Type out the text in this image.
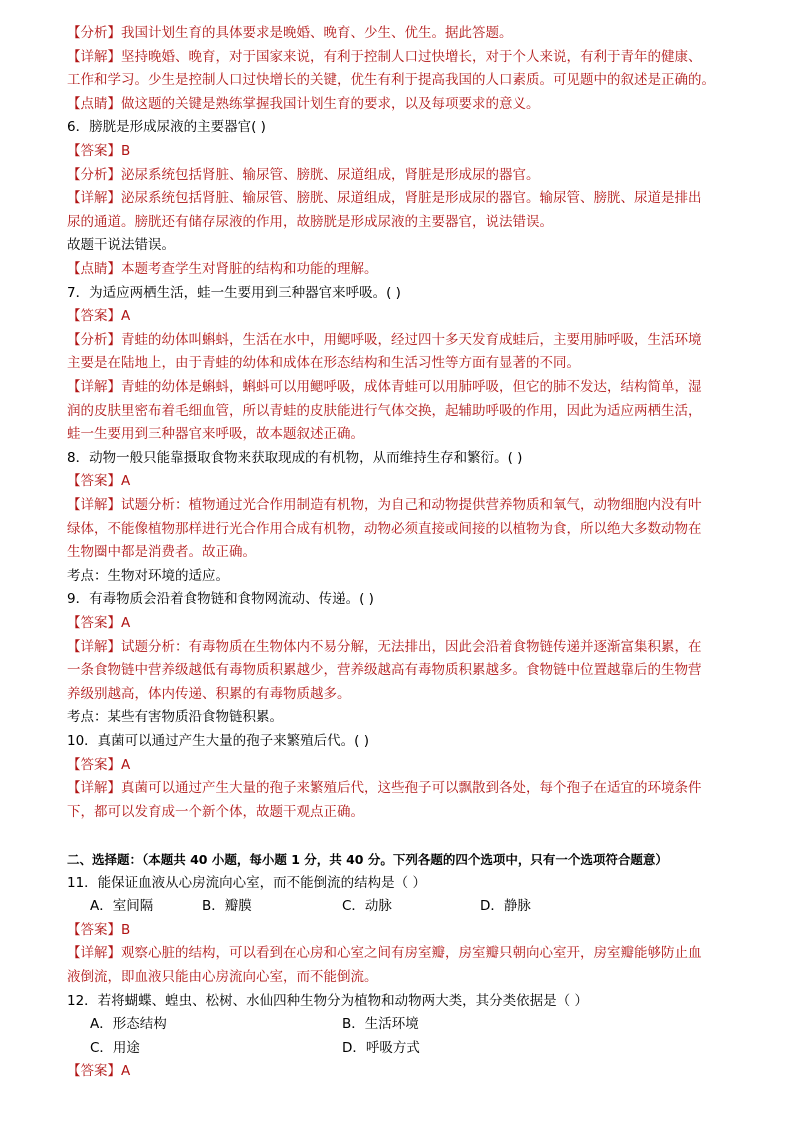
【分析】我国计划生育的具体要求是晚婚、晚育、少生、优生。据此答题。
【详解】坚持晚婚、晚育，对于国家来说，有利于控制人口过快增长，对于个人来说，有利于青年的健康、
工作和学习。少生是控制人口过快增长的关键，优生有利于提高我国的人口素质。可见题中的叙述是正确的。
【点睛】做这题的关键是熟练掌握我国计划生育的要求，以及每项要求的意义。
6．膀胱是形成尿液的主要器官( )
【答案】B
【分析】泌尿系统包括肾脏、输尿管、膀胱、尿道组成，肾脏是形成尿的器官。
【详解】泌尿系统包括肾脏、输尿管、膀胱、尿道组成，肾脏是形成尿的器官。输尿管、膀胱、尿道是排出
尿的通道。膀胱还有储存尿液的作用，故膀胱是形成尿液的主要器官，说法错误。
故题干说法错误。
【点睛】本题考查学生对肾脏的结构和功能的理解。
7．为适应两栖生活，蛙一生要用到三种器官来呼吸。( )
【答案】A
【分析】青蛙的幼体叫蝌蚪，生活在水中，用鳃呼吸，经过四十多天发育成蛙后，主要用肺呼吸，生活环境
主要是在陆地上，由于青蛙的幼体和成体在形态结构和生活习性等方面有显著的不同。
【详解】青蛙的幼体是蝌蚪，蝌蚪可以用鳃呼吸，成体青蛙可以用肺呼吸，但它的肺不发达，结构简单，湿
润的皮肤里密布着毛细血管，所以青蛙的皮肤能进行气体交换，起辅助呼吸的作用，因此为适应两栖生活，
蛙一生要用到三种器官来呼吸，故本题叙述正确。
8．动物一般只能靠摄取食物来获取现成的有机物，从而维持生存和繁衍。( )
【答案】A
【详解】试题分析：植物通过光合作用制造有机物，为自己和动物提供营养物质和氧气，动物细胞内没有叶
绿体，不能像植物那样进行光合作用合成有机物，动物必须直接或间接的以植物为食，所以绝大多数动物在
生物圈中都是消费者。故正确。
考点：生物对环境的适应。
9．有毒物质会沿着食物链和食物网流动、传递。( )
【答案】A
【详解】试题分析：有毒物质在生物体内不易分解，无法排出，因此会沿着食物链传递并逐渐富集积累，在
一条食物链中营养级越低有毒物质积累越少，营养级越高有毒物质积累越多。食物链中位置越靠后的生物营
养级别越高，体内传递、积累的有毒物质越多。
考点：某些有害物质沿食物链积累。
10．真菌可以通过产生大量的孢子来繁殖后代。( )
【答案】A
【详解】真菌可以通过产生大量的孢子来繁殖后代，这些孢子可以飘散到各处，每个孢子在适宜的环境条件
下，都可以发育成一个新个体，故题干观点正确。
二、选择题：（本题共 40 小题，每小题 1 分，共 40 分。下列各题的四个选项中，只有一个选项符合题意）
11．能保证血液从心房流向心室，而不能倒流的结构是（ ）
A．室间隔	B．瓣膜	C．动脉	D．静脉
【答案】B
【详解】观察心脏的结构，可以看到在心房和心室之间有房室瓣，房室瓣只朝向心室开，房室瓣能够防止血
液倒流，即血液只能由心房流向心室，而不能倒流。
12．若将蝴蝶、蝗虫、松树、水仙四种生物分为植物和动物两大类，其分类依据是（ ）
A．形态结构	B．生活环境
C．用途	D．呼吸方式
【答案】A
